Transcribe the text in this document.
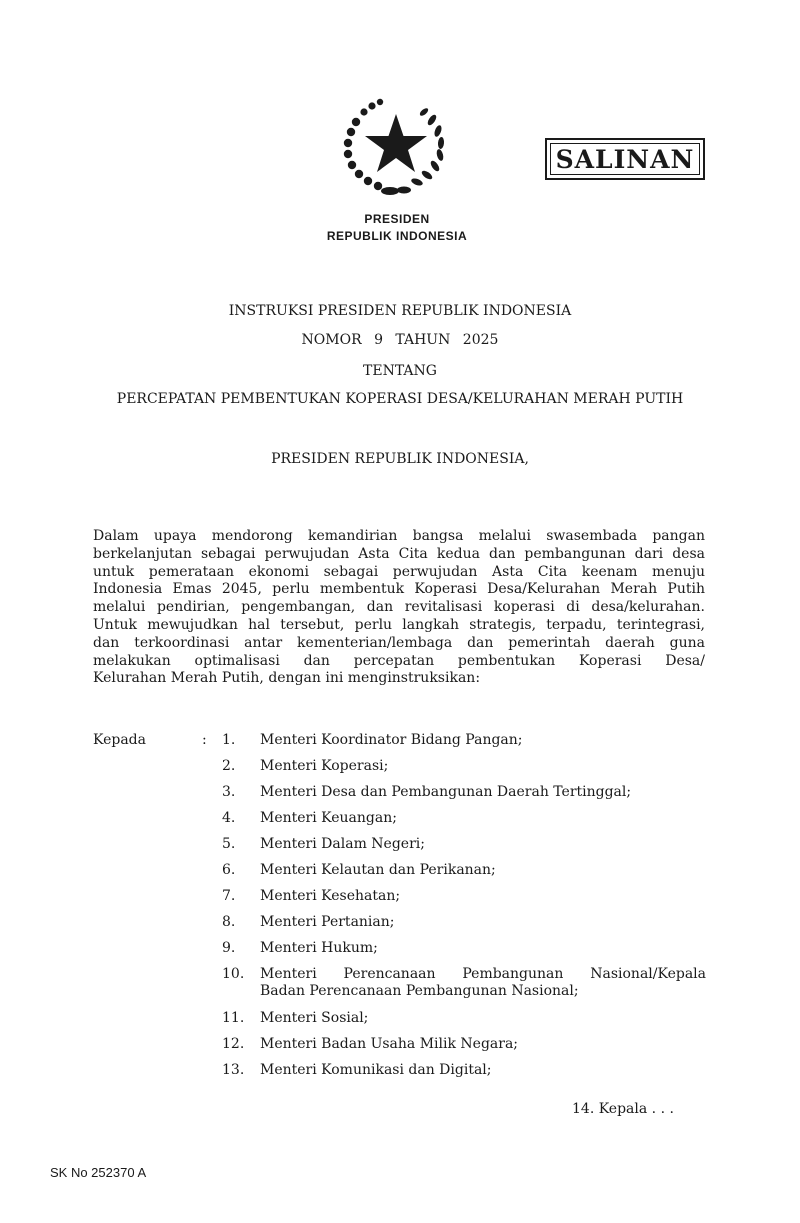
PRESIDEN
REPUBLIK INDONESIA
SALINAN
INSTRUKSI PRESIDEN REPUBLIK INDONESIA
NOMOR 9 TAHUN 2025
TENTANG
PERCEPATAN PEMBENTUKAN KOPERASI DESA/KELURAHAN MERAH PUTIH
PRESIDEN REPUBLIK INDONESIA,
Dalam upaya mendorong kemandirian bangsa melalui swasembada pangan
berkelanjutan sebagai perwujudan Asta Cita kedua dan pembangunan dari desa
untuk pemerataan ekonomi sebagai perwujudan Asta Cita keenam menuju
Indonesia Emas 2045, perlu membentuk Koperasi Desa/Kelurahan Merah Putih
melalui pendirian, pengembangan, dan revitalisasi koperasi di desa/kelurahan.
Untuk mewujudkan hal tersebut, perlu langkah strategis, terpadu, terintegrasi,
dan terkoordinasi antar kementerian/lembaga dan pemerintah daerah guna
melakukan optimalisasi dan percepatan pembentukan Koperasi Desa/
Kelurahan Merah Putih, dengan ini menginstruksikan:
Kepada	: 1.	Menteri Koordinator Bidang Pangan;
2.	Menteri Koperasi;
3.	Menteri Desa dan Pembangunan Daerah Tertinggal;
4.	Menteri Keuangan;
5.	Menteri Dalam Negeri;
6.	Menteri Kelautan dan Perikanan;
7.	Menteri Kesehatan;
8.	Menteri Pertanian;
9.	Menteri Hukum;
10.	Menteri Perencanaan Pembangunan Nasional/Kepala
Badan Perencanaan Pembangunan Nasional;
11.	Menteri Sosial;
12.	Menteri Badan Usaha Milik Negara;
13.	Menteri Komunikasi dan Digital;
14. Kepala . . .
SK No 252370 A
